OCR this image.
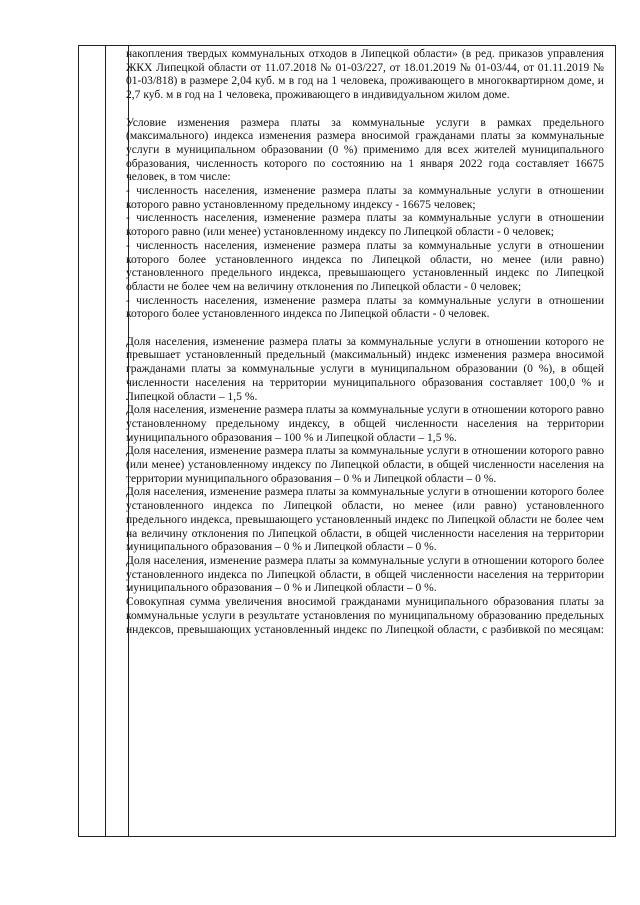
накопления твердых коммунальных отходов в Липецкой области» (в ред. приказов управления ЖКХ Липецкой области от 11.07.2018 № 01-03/227, от 18.01.2019 № 01-03/44, от 01.11.2019 № 01-03/818) в размере 2,04 куб. м в год на 1 человека, проживающего в многоквартирном доме, и 2,7 куб. м в год на 1 человека, проживающего в индивидуальном жилом доме.

Условие изменения размера платы за коммунальные услуги в рамках предельного (максимального) индекса изменения размера вносимой гражданами платы за коммунальные услуги в муниципальном образовании (0 %) применимо для всех жителей муниципального образования, численность которого по состоянию на 1 января 2022 года составляет 16675 человек, в том числе:

- численность населения, изменение размера платы за коммунальные услуги в отношении которого равно установленному предельному индексу - 16675 человек;

- численность населения, изменение размера платы за коммунальные услуги в отношении которого равно (или менее) установленному индексу по Липецкой области - 0 человек;

- численность населения, изменение размера платы за коммунальные услуги в отношении которого более установленного индекса по Липецкой области, но менее (или равно) установленного предельного индекса, превышающего установленный индекс по Липецкой области не более чем на величину отклонения по Липецкой области - 0 человек;

- численность населения, изменение размера платы за коммунальные услуги в отношении которого более установленного индекса по Липецкой области - 0 человек.

Доля населения, изменение размера платы за коммунальные услуги в отношении которого не превышает установленный предельный (максимальный) индекс изменения размера вносимой гражданами платы за коммунальные услуги в муниципальном образовании (0 %), в общей численности населения на территории муниципального образования составляет 100,0 % и Липецкой области – 1,5 %.

Доля населения, изменение размера платы за коммунальные услуги в отношении которого равно установленному предельному индексу, в общей численности населения на территории муниципального образования – 100 % и Липецкой области – 1,5 %.

Доля населения, изменение размера платы за коммунальные услуги в отношении которого равно (или менее) установленному индексу по Липецкой области, в общей численности населения на территории муниципального образования – 0 % и Липецкой области – 0 %.

Доля населения, изменение размера платы за коммунальные услуги в отношении которого более установленного индекса по Липецкой области, но менее (или равно) установленного предельного индекса, превышающего установленный индекс по Липецкой области не более чем на величину отклонения по Липецкой области, в общей численности населения на территории муниципального образования – 0 % и Липецкой области – 0 %.

Доля населения, изменение размера платы за коммунальные услуги в отношении которого более установленного индекса по Липецкой области, в общей численности населения на территории муниципального образования – 0 % и Липецкой области – 0 %.

Совокупная сумма увеличения вносимой гражданами муниципального образования платы за коммунальные услуги в результате установления по муниципальному образованию предельных индексов, превышающих установленный индекс по Липецкой области, с разбивкой по месяцам:
